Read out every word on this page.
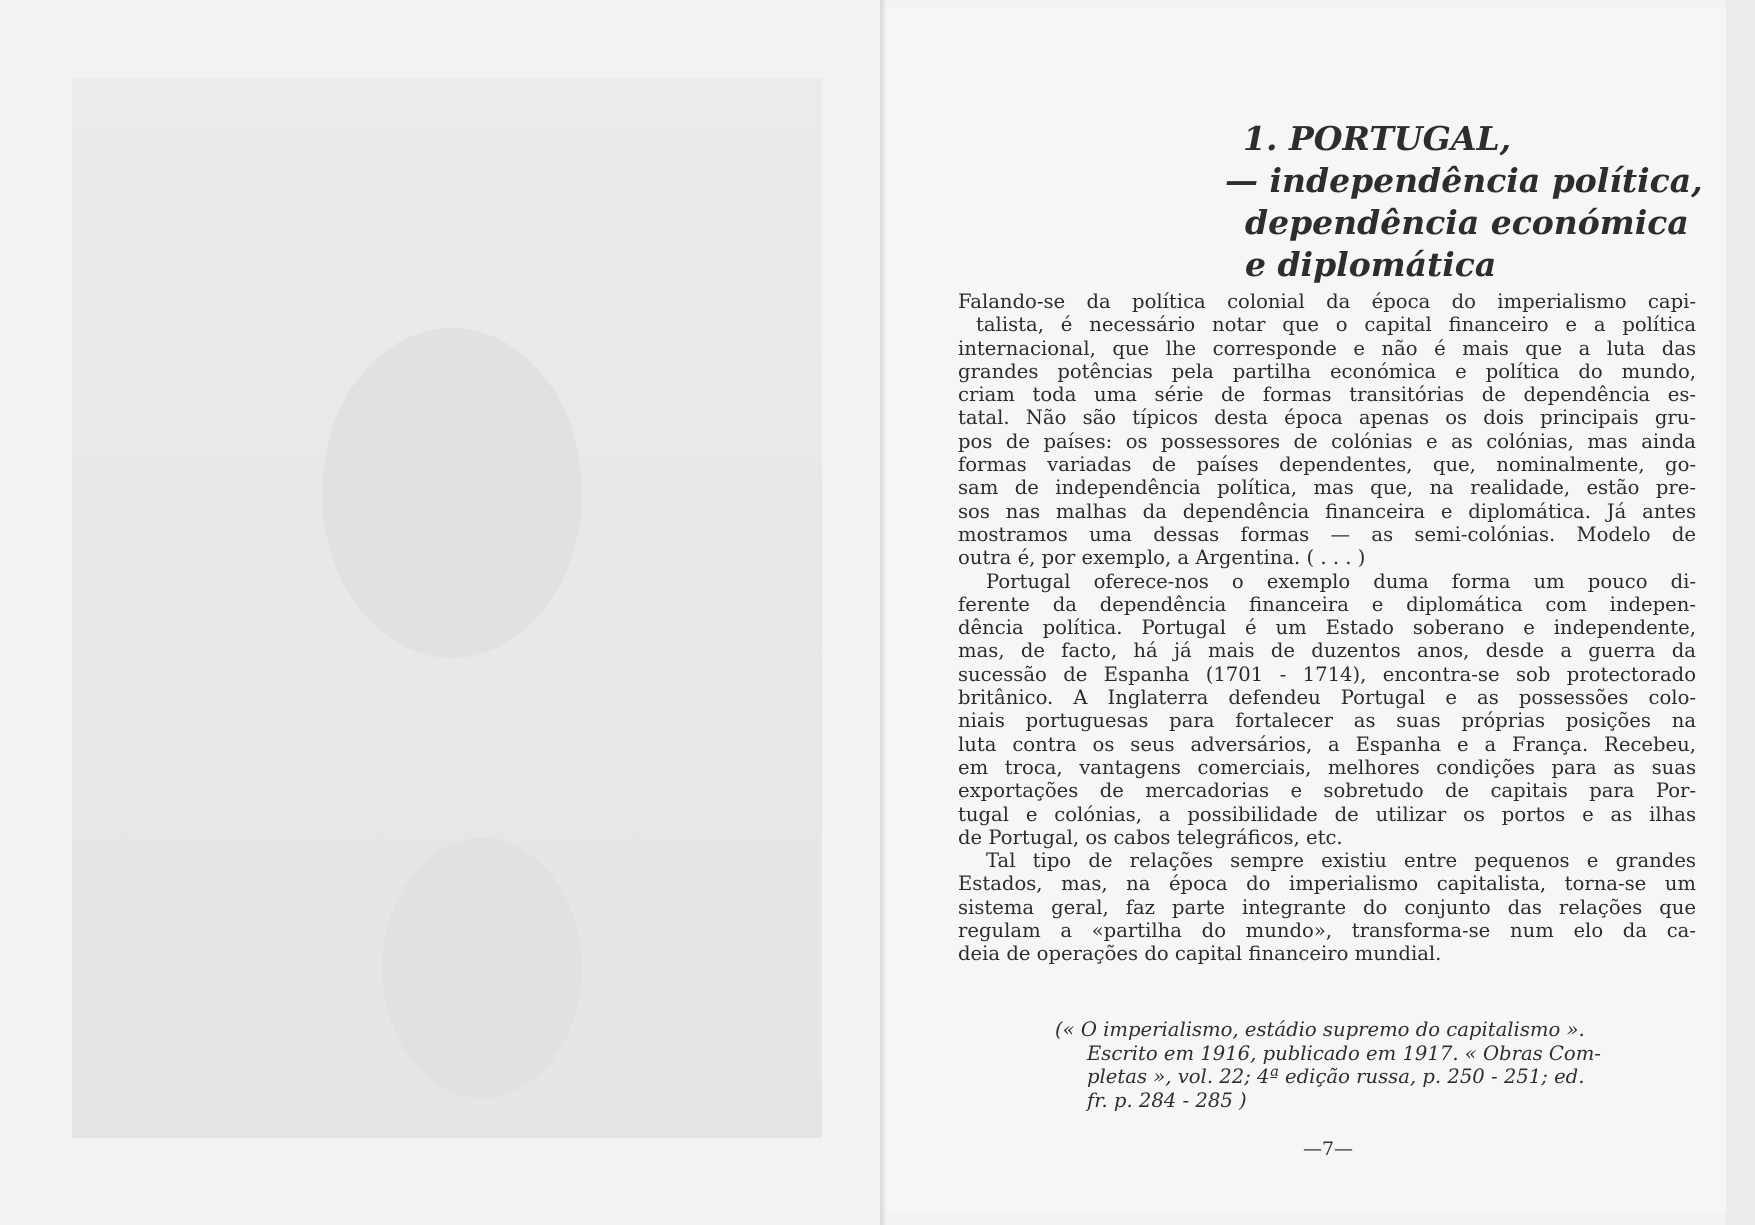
1. PORTUGAL,
— independência política,
dependência económica
e diplomática
Falando-se da política colonial da época do imperialismo capi-
talista, é necessário notar que o capital financeiro e a política
internacional, que lhe corresponde e não é mais que a luta das
grandes potências pela partilha económica e política do mundo,
criam toda uma série de formas transitórias de dependência es-
tatal. Não são típicos desta época apenas os dois principais gru-
pos de países: os possessores de colónias e as colónias, mas ainda
formas variadas de países dependentes, que, nominalmente, go-
sam de independência política, mas que, na realidade, estão pre-
sos nas malhas da dependência financeira e diplomática. Já antes
mostramos uma dessas formas — as semi-colónias. Modelo de
outra é, por exemplo, a Argentina. ( . . . )
Portugal oferece-nos o exemplo duma forma um pouco di-
ferente da dependência financeira e diplomática com indepen-
dência política. Portugal é um Estado soberano e independente,
mas, de facto, há já mais de duzentos anos, desde a guerra da
sucessão de Espanha (1701 - 1714), encontra-se sob protectorado
britânico. A Inglaterra defendeu Portugal e as possessões colo-
niais portuguesas para fortalecer as suas próprias posições na
luta contra os seus adversários, a Espanha e a França. Recebeu,
em troca, vantagens comerciais, melhores condições para as suas
exportações de mercadorias e sobretudo de capitais para Por-
tugal e colónias, a possibilidade de utilizar os portos e as ilhas
de Portugal, os cabos telegráficos, etc.
Tal tipo de relações sempre existiu entre pequenos e grandes
Estados, mas, na época do imperialismo capitalista, torna-se um
sistema geral, faz parte integrante do conjunto das relações que
regulam a «partilha do mundo», transforma-se num elo da ca-
deia de operações do capital financeiro mundial.
(« O imperialismo, estádio supremo do capitalismo ».
Escrito em 1916, publicado em 1917. « Obras Com-
pletas », vol. 22; 4ª edição russa, p. 250 - 251; ed.
fr. p. 284 - 285 )
—7—
